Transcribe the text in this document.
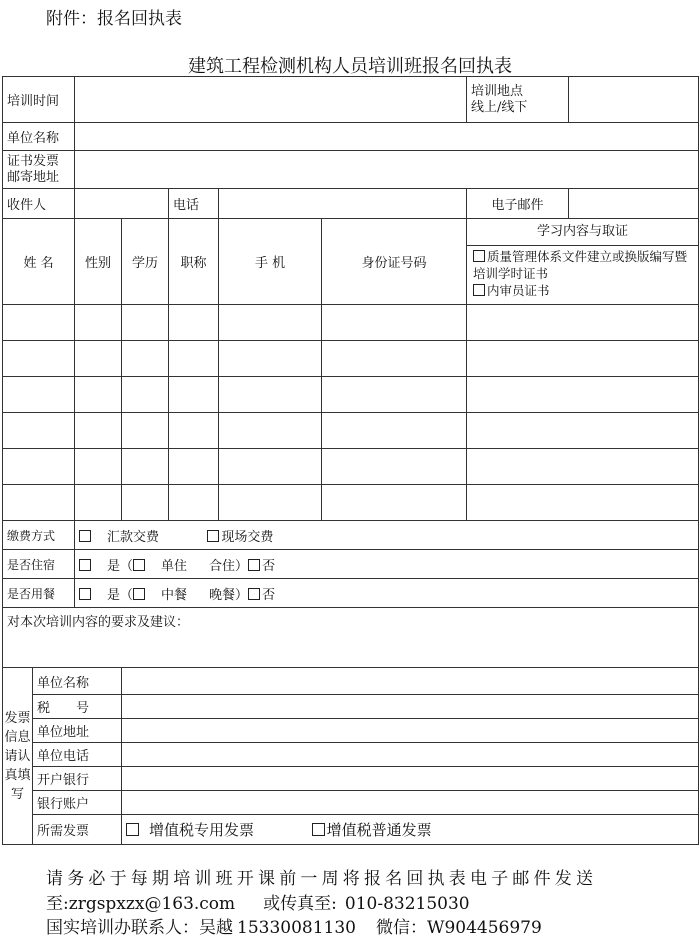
附件：报名回执表
建筑工程检测机构人员培训班报名回执表
培训时间							培训地点
线上/线下	

单位名称								

证书发票
邮寄地址								

收件人				电话			电子邮件	
姓 名		性别	学历	职称	手 机	身份证号码	学习内容与取证
质量管理体系文件建立或换版编写暨培训学时证书
内审员证书	

缴费方式		汇款交费 现场交费						
是否住宿		是（ 单住 合住） 否						
是否用餐		是（ 中餐 晚餐） 否						
对本次培训内容的要求及建议：								
发票信息请认真填写	单位名称							
	税　　号							
	单位地址							
	单位电话							
	开户银行							
	银行账户							
	所需发票		增值税专用发票 增值税普通发票					
请务必于每期培训班开课前一周将报名回执表电子邮件发送
至:zrgspxzx@163.com 或传真至: 010-83215030
国实培训办联系人：吴越 15330081130 微信：W904456979
